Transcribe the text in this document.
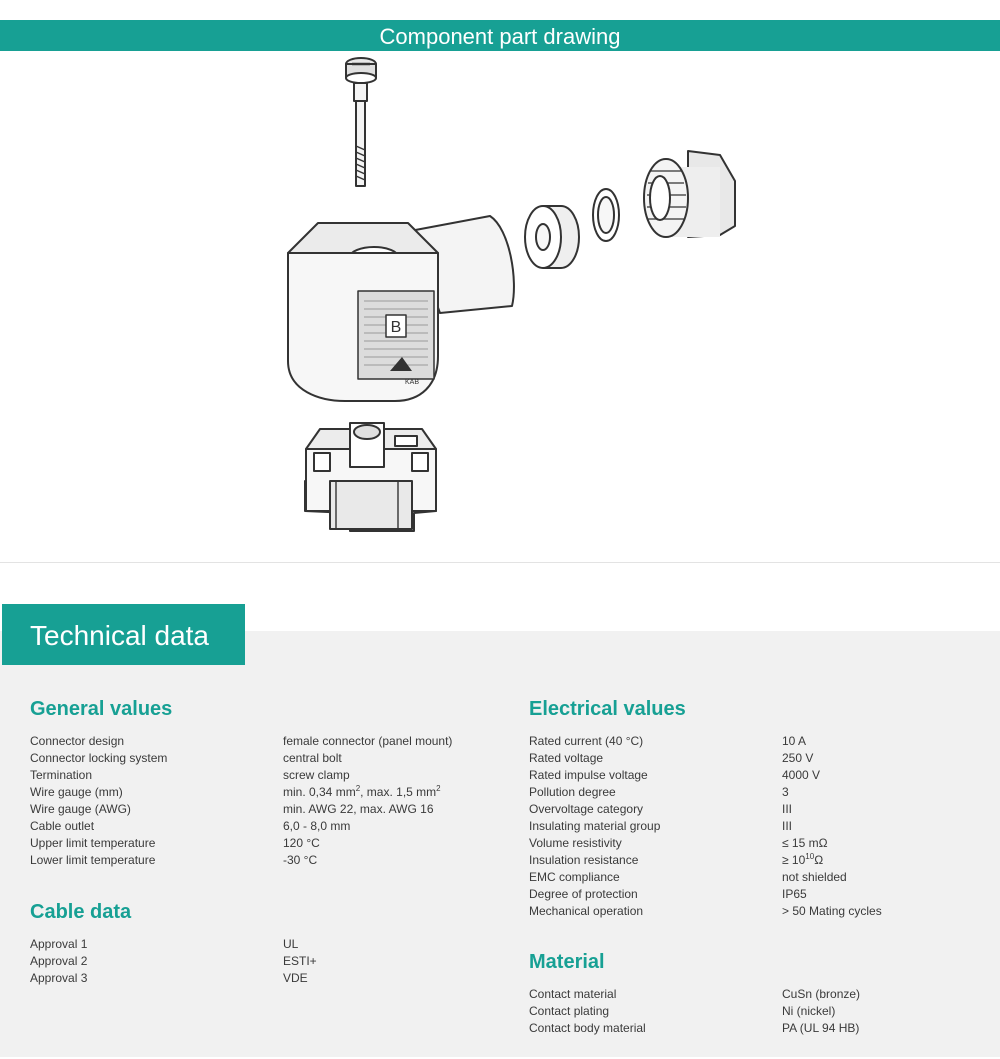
Component part drawing
B
KAB
Technical data
General values
Connector design	female connector (panel mount)
Connector locking system	central bolt
Termination	screw clamp
Wire gauge (mm)	min. 0,34 $mm^2$, max. 1,5 $mm^2$
Wire gauge (AWG)	min. AWG 22, max. AWG 16
Cable outlet	6,0 - 8,0 mm
Upper limit temperature	120 °C
Lower limit temperature	-30 °C
Cable data
Approval 1	UL
Approval 2	ESTI+
Approval 3	VDE
Electrical values
Rated current (40 °C)	10 A
Rated voltage	250 V
Rated impulse voltage	4000 V
Pollution degree	3
Overvoltage category	III
Insulating material group	III
Volume resistivity	≤ 15 mΩ
Insulation resistance	≥ $10^{10}\Omega$
EMC compliance	not shielded
Degree of protection	IP65
Mechanical operation	> 50 Mating cycles
Material
Contact material	CuSn (bronze)
Contact plating	Ni (nickel)
Contact body material	PA (UL 94 HB)
